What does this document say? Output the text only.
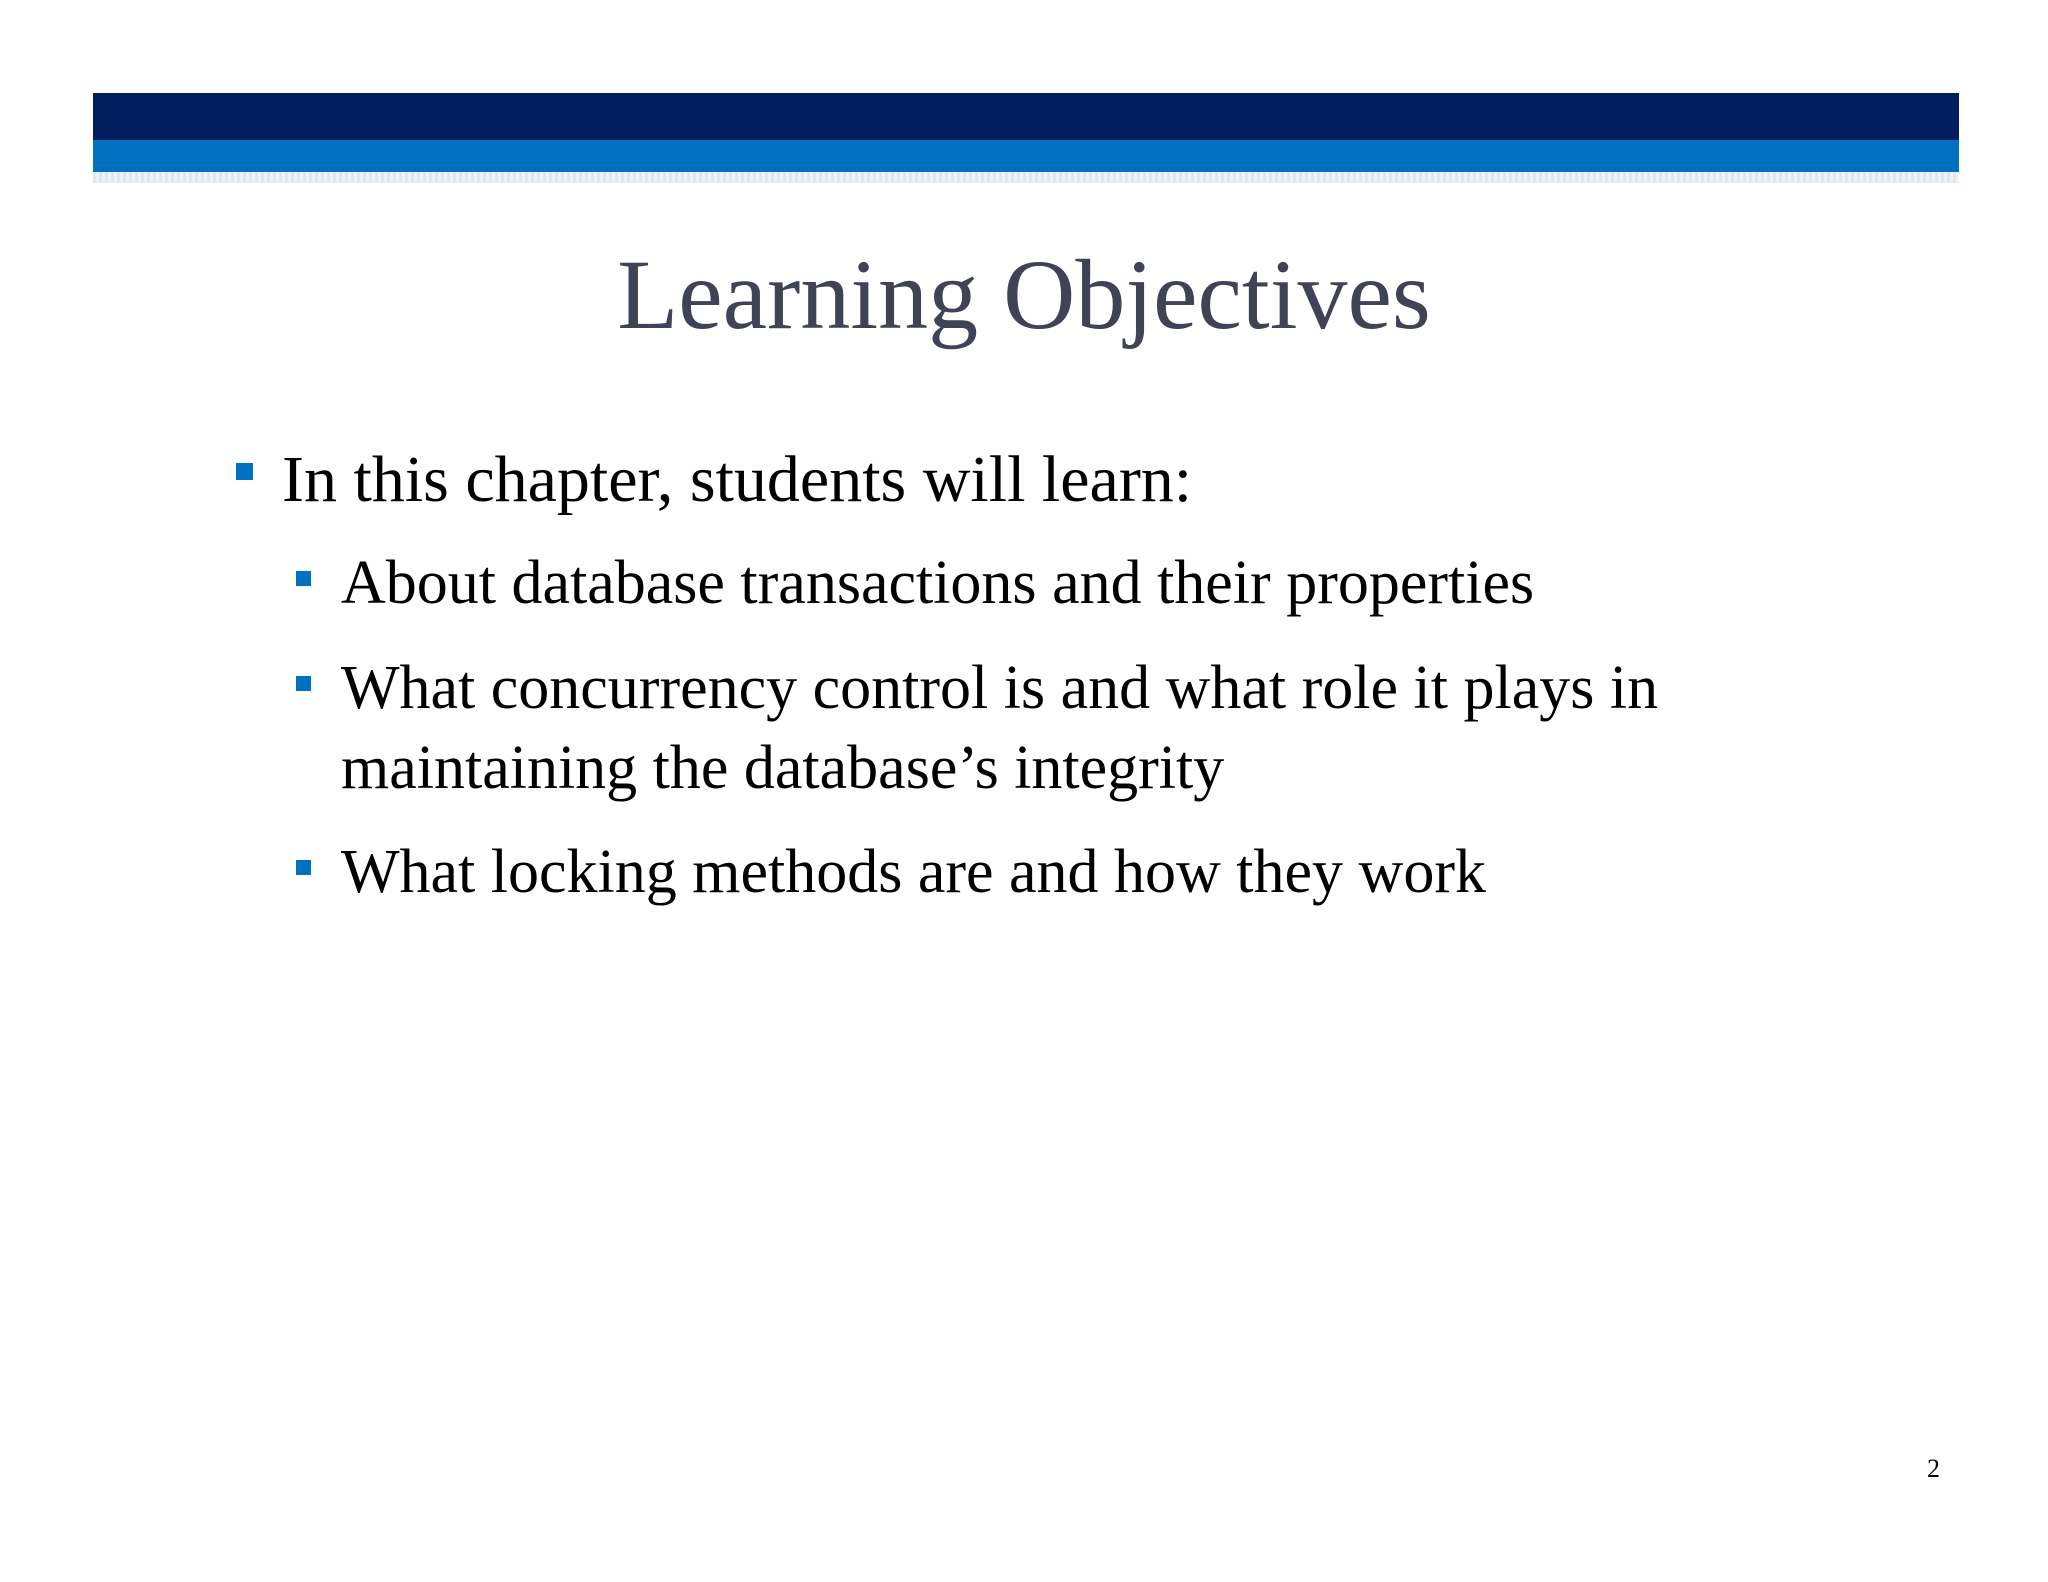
Learning Objectives
In this chapter, students will learn:
About database transactions and their properties
What concurrency control is and what role it plays in maintaining the database’s integrity
What locking methods are and how they work
2
